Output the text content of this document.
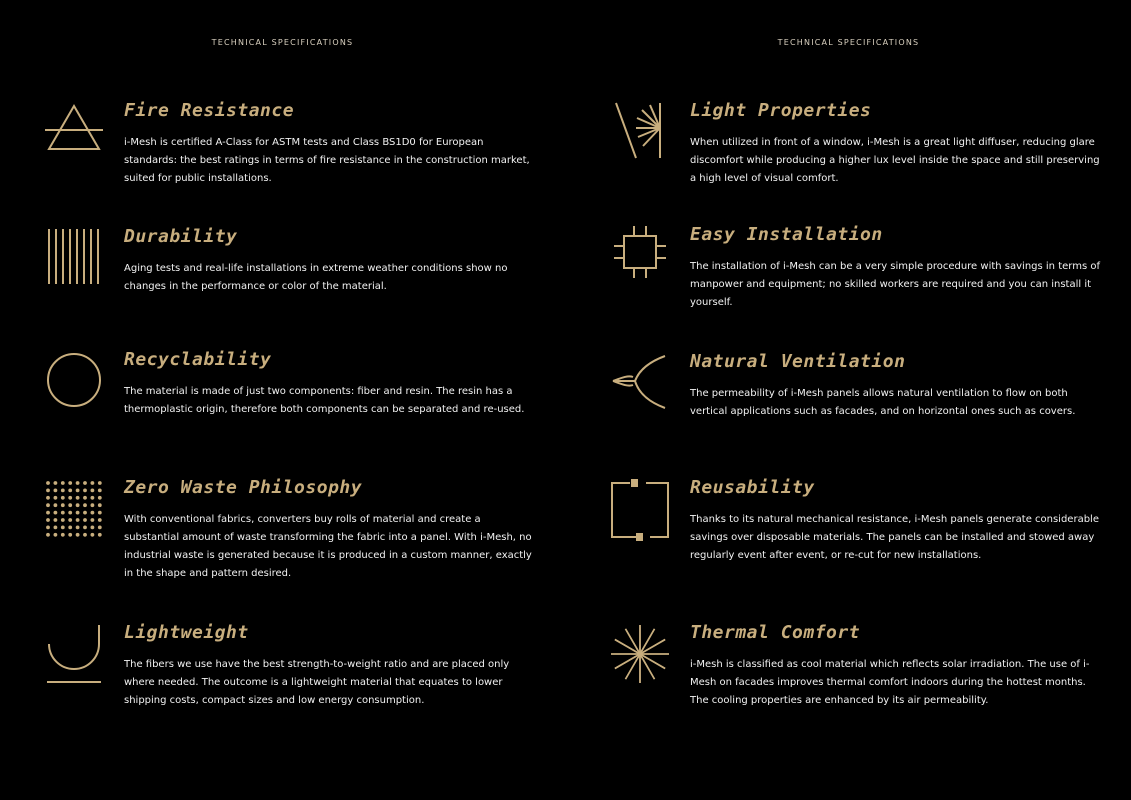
TECHNICAL SPECIFICATIONS
Fire Resistance
i-Mesh is certified A-Class for ASTM tests and Class BS1D0 for European standards: the best ratings in terms of fire resistance in the construction market, suited for public installations.
Durability
Aging tests and real-life installations in extreme weather conditions show no changes in the performance or color of the material.
Recyclability
The material is made of just two components: fiber and resin. The resin has a thermoplastic origin, therefore both components can be separated and re-used.
Zero Waste Philosophy
With conventional fabrics, converters buy rolls of material and create a substantial amount of waste transforming the fabric into a panel. With i-Mesh, no industrial waste is generated because it is produced in a custom manner, exactly in the shape and pattern desired.
Lightweight
The fibers we use have the best strength-to-weight ratio and are placed only where needed. The outcome is a lightweight material that equates to lower shipping costs, compact sizes and low energy consumption.
TECHNICAL SPECIFICATIONS
Light Properties
When utilized in front of a window, i-Mesh is a great light diffuser, reducing glare discomfort while producing a higher lux level inside the space and still preserving a high level of visual comfort.
Easy Installation
The installation of i-Mesh can be a very simple procedure with savings in terms of manpower and equipment; no skilled workers are required and you can install it yourself.
Natural Ventilation
The permeability of i-Mesh panels allows natural ventilation to flow on both vertical applications such as facades, and on horizontal ones such as covers.
Reusability
Thanks to its natural mechanical resistance, i-Mesh panels generate considerable savings over disposable materials. The panels can be installed and stowed away regularly event after event, or re-cut for new installations.
Thermal Comfort
i-Mesh is classified as cool material which reflects solar irradiation. The use of i-Mesh on facades improves thermal comfort indoors during the hottest months. The cooling properties are enhanced by its air permeability.
